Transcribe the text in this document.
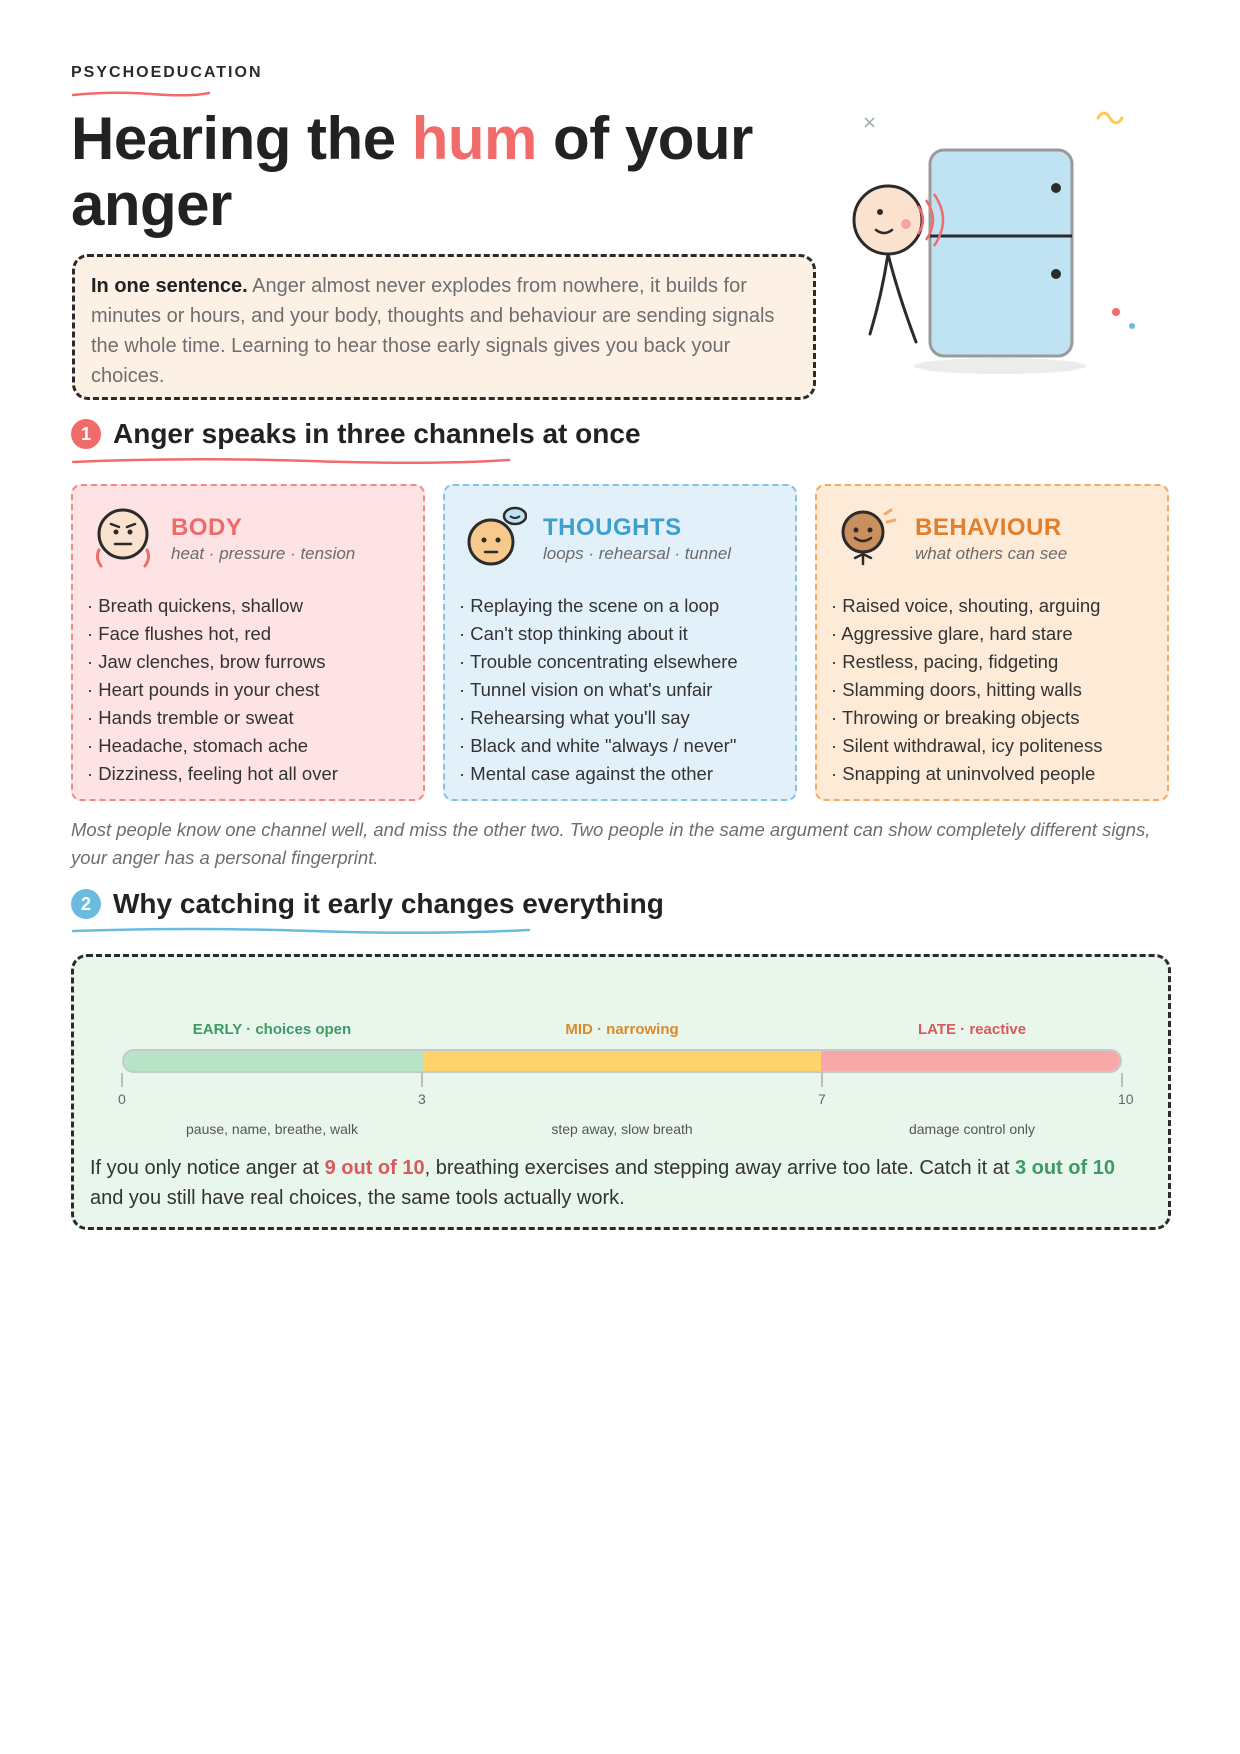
PSYCHOEDUCATION
Hearing the hum of your anger
In one sentence. Anger almost never explodes from nowhere, it builds for minutes or hours, and your body, thoughts and behaviour are sending signals the whole time. Learning to hear those early signals gives you back your choices.
×
1 Anger speaks in three channels at once
BODY
heat · pressure · tension
· Breath quickens, shallow
· Face flushes hot, red
· Jaw clenches, brow furrows
· Heart pounds in your chest
· Hands tremble or sweat
· Headache, stomach ache
· Dizziness, feeling hot all over
THOUGHTS
loops · rehearsal · tunnel
· Replaying the scene on a loop
· Can't stop thinking about it
· Trouble concentrating elsewhere
· Tunnel vision on what's unfair
· Rehearsing what you'll say
· Black and white "always / never"
· Mental case against the other
BEHAVIOUR
what others can see
· Raised voice, shouting, arguing
· Aggressive glare, hard stare
· Restless, pacing, fidgeting
· Slamming doors, hitting walls
· Throwing or breaking objects
· Silent withdrawal, icy politeness
· Snapping at uninvolved people
Most people know one channel well, and miss the other two. Two people in the same argument can show completely different signs, your anger has a personal fingerprint.
2 Why catching it early changes everything
EARLY · choices open	MID · narrowing	LATE · reactive
0	3	7	10
pause, name, breathe, walk	step away, slow breath	damage control only
If you only notice anger at 9 out of 10, breathing exercises and stepping away arrive too late. Catch it at 3 out of 10 and you still have real choices, the same tools actually work.
